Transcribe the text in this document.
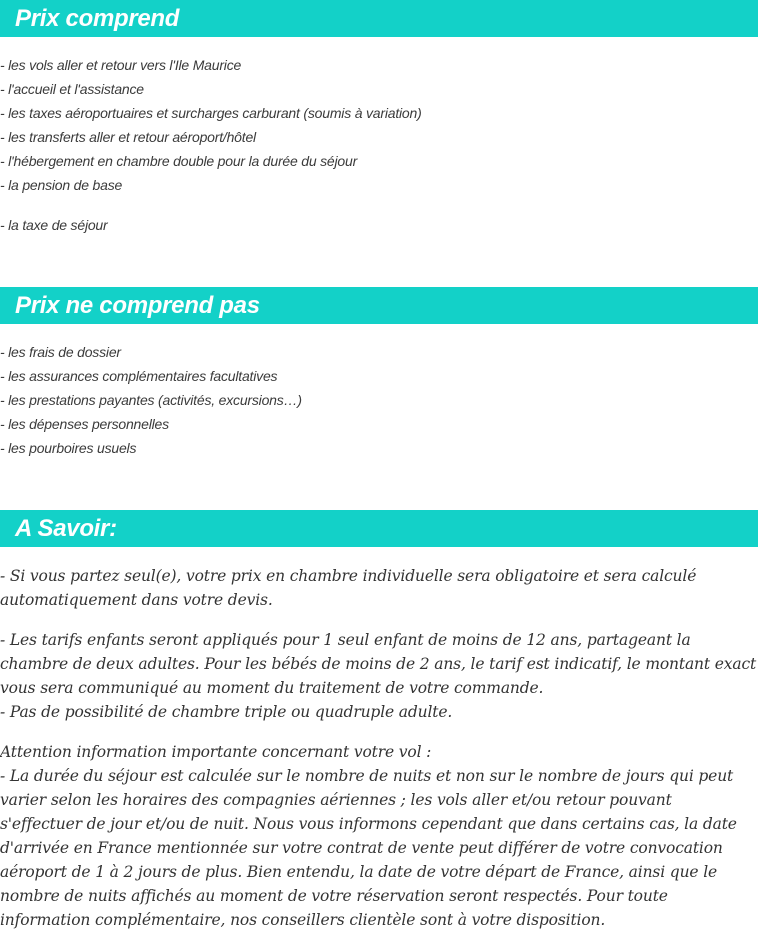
Prix comprend
- les vols aller et retour vers l'Ile Maurice
- l'accueil et l'assistance
- les taxes aéroportuaires et surcharges carburant (soumis à variation)
- les transferts aller et retour aéroport/hôtel
- l'hébergement en chambre double pour la durée du séjour
- la pension de base
- la taxe de séjour
Prix ne comprend pas
- les frais de dossier
- les assurances complémentaires facultatives
- les prestations payantes (activités, excursions…)
- les dépenses personnelles
- les pourboires usuels
A Savoir:

- Si vous partez seul(e), votre prix en chambre individuelle sera obligatoire et sera calculé automatiquement dans votre devis.

- Les tarifs enfants seront appliqués pour 1 seul enfant de moins de 12 ans, partageant la chambre de deux adultes. Pour les bébés de moins de 2 ans, le tarif est indicatif, le montant exact vous sera communiqué au moment du traitement de votre commande.

- Pas de possibilité de chambre triple ou quadruple adulte.

Attention information importante concernant votre vol :

- La durée du séjour est calculée sur le nombre de nuits et non sur le nombre de jours qui peut varier selon les horaires des compagnies aériennes ; les vols aller et/ou retour pouvant s'effectuer de jour et/ou de nuit. Nous vous informons cependant que dans certains cas, la date d'arrivée en France mentionnée sur votre contrat de vente peut différer de votre convocation aéroport de 1 à 2 jours de plus. Bien entendu, la date de votre départ de France, ainsi que le nombre de nuits affichés au moment de votre réservation seront respectés. Pour toute information complémentaire, nos conseillers clientèle sont à votre disposition.
